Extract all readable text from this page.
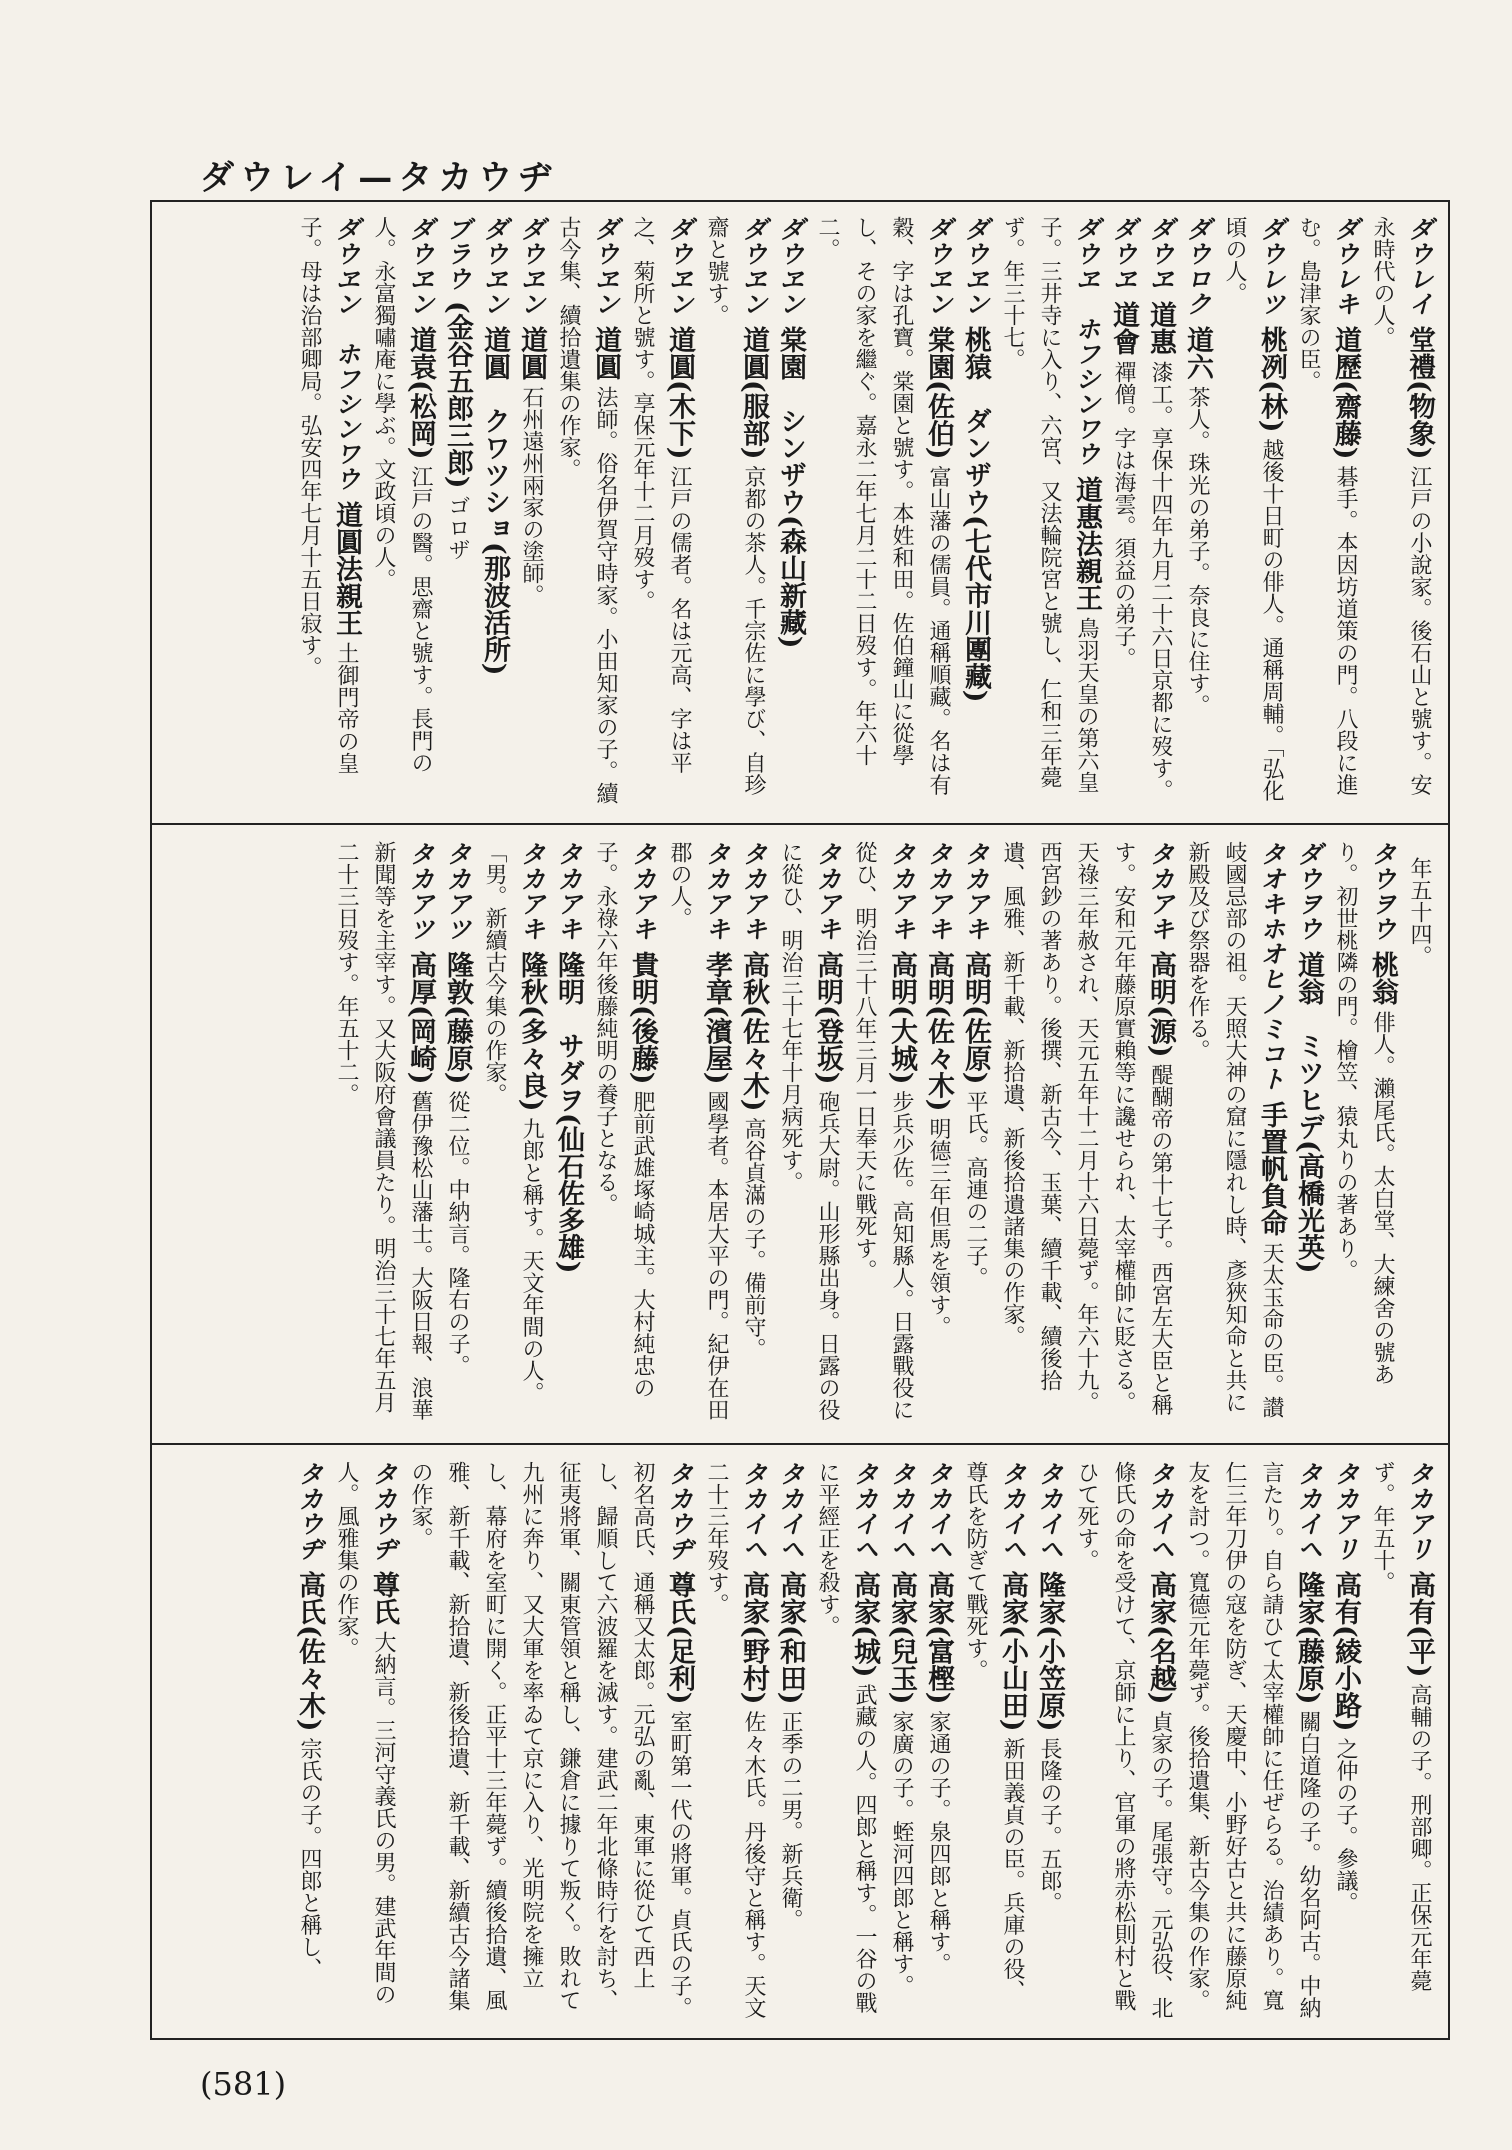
ダウレイ—タカウヂ
ダウレイ堂禮(物象)江戸の小說家。後石山と號す。安永時代の人。
ダウレキ道歷(齋藤)碁手。本因坊道策の門。八段に進む。島津家の臣。
ダウレツ桃冽(林)越後十日町の俳人。通稱周輔。「弘化頃の人。
ダウロク道六茶人。珠光の弟子。奈良に住す。
ダウヱ道惠漆工。享保十四年九月二十六日京都に歿す。
ダウヱ道會禪僧。字は海雲。須益の弟子。
ダウヱ　ホフシンワウ道惠法親王鳥羽天皇の第六皇子。三井寺に入り、六宮、又法輪院宮と號し、仁和三年薨ず。年三十七。
ダウヱン桃猿　ダンザウ(七代市川團藏)
ダウヱン棠園(佐伯)富山藩の儒員。通稱順藏。名は有穀、字は孔寶。棠園と號す。本姓和田。佐伯鐘山に從學し、その家を繼ぐ。嘉永二年七月二十二日歿す。年六十二。
ダウヱン棠園　シンザウ(森山新藏)
ダウヱン道圓(服部)京都の茶人。千宗佐に學び、自珍齋と號す。
ダウヱン道圓(木下)江戸の儒者。名は元高、字は平之、菊所と號す。享保元年十二月歿す。
ダウヱン道圓法師。俗名伊賀守時家。小田知家の子。續古今集、續拾遺集の作家。
ダウヱン道圓石州遠州兩家の塗師。
ダウヱン道圓　クワツショ(那波活所)
ブラウ(金谷五郎三郎)ゴロザ
ダウヱン道袁(松岡)江戸の醫。思齋と號す。長門の人。永富獨嘯庵に學ぶ。文政頃の人。
ダウヱン　ホフシンワウ道圓法親王土御門帝の皇子。母は治部卿局。弘安四年七月十五日寂す。
年五十四。
タウヲウ桃翁俳人。瀨尾氏。太白堂、大練舍の號あり。初世桃隣の門。檜笠、猿丸りの著あり。
ダウヲウ道翁　ミツヒデ(高橋光英)
タオキホオヒノミコト手置帆負命天太玉命の臣。讃岐國忌部の祖。天照大神の窟に隱れし時、彥狹知命と共に新殿及び祭器を作る。
タカアキ高明(源)醍醐帝の第十七子。西宮左大臣と稱す。安和元年藤原實賴等に讒せられ、太宰權帥に貶さる。天祿三年赦され、天元五年十二月十六日薨ず。年六十九。西宮鈔の著あり。後撰、新古今、玉葉、續千載、續後拾遺、風雅、新千載、新拾遺、新後拾遺諸集の作家。
タカアキ高明(佐原)平氏。高連の二子。
タカアキ高明(佐々木)明德三年但馬を領す。
タカアキ高明(大城)步兵少佐。高知縣人。日露戰役に從ひ、明治三十八年三月一日奉天に戰死す。
タカアキ高明(登坂)砲兵大尉。山形縣出身。日露の役に從ひ、明治三十七年十月病死す。
タカアキ高秋(佐々木)高谷貞滿の子。備前守。
タカアキ孝章(濱屋)國學者。本居大平の門。紀伊在田郡の人。
タカアキ貴明(後藤)肥前武雄塚崎城主。大村純忠の子。永祿六年後藤純明の養子となる。
タカアキ隆明　サダヲ(仙石佐多雄)
タカアキ隆秋(多々良)九郎と稱す。天文年間の人。「男。新續古今集の作家。
タカアツ隆敦(藤原)從二位。中納言。隆右の子。
タカアツ高厚(岡崎)舊伊豫松山藩士。大阪日報、浪華新聞等を主宰す。又大阪府會議員たり。明治三十七年五月二十三日歿す。年五十二。
タカアリ高有(平)高輔の子。刑部卿。正保元年薨ず。年五十。
タカアリ高有(綾小路)之仲の子。參議。
タカイヘ隆家(藤原)關白道隆の子。幼名阿古。中納言たり。自ら請ひて太宰權帥に任ぜらる。治績あり。寬仁三年刀伊の寇を防ぎ、天慶中、小野好古と共に藤原純友を討つ。寬德元年薨ず。後拾遺集、新古今集の作家。
タカイヘ高家(名越)貞家の子。尾張守。元弘役、北條氏の命を受けて、京師に上り、官軍の將赤松則村と戰ひて死す。
タカイヘ隆家(小笠原)長隆の子。五郎。
タカイヘ高家(小山田)新田義貞の臣。兵庫の役、尊氏を防ぎて戰死す。
タカイヘ高家(富樫)家通の子。泉四郎と稱す。
タカイヘ高家(兒玉)家廣の子。蛭河四郎と稱す。
タカイヘ高家(城)武藏の人。四郎と稱す。一谷の戰に平經正を殺す。
タカイヘ高家(和田)正季の二男。新兵衛。
タカイヘ高家(野村)佐々木氏。丹後守と稱す。天文二十三年歿す。
タカウヂ尊氏(足利)室町第一代の將軍。貞氏の子。初名高氏、通稱又太郎。元弘の亂、東軍に從ひて西上し、歸順して六波羅を滅す。建武二年北條時行を討ち、征夷將軍、關東管領と稱し、鎌倉に據りて叛く。敗れて九州に奔り、又大軍を率ゐて京に入り、光明院を擁立し、幕府を室町に開く。正平十三年薨ず。續後拾遺、風雅、新千載、新拾遺、新後拾遺、新千載、新續古今諸集の作家。
タカウヂ尊氏大納言。三河守義氏の男。建武年間の人。風雅集の作家。
タカウヂ高氏(佐々木)宗氏の子。四郎と稱し、
(581)
